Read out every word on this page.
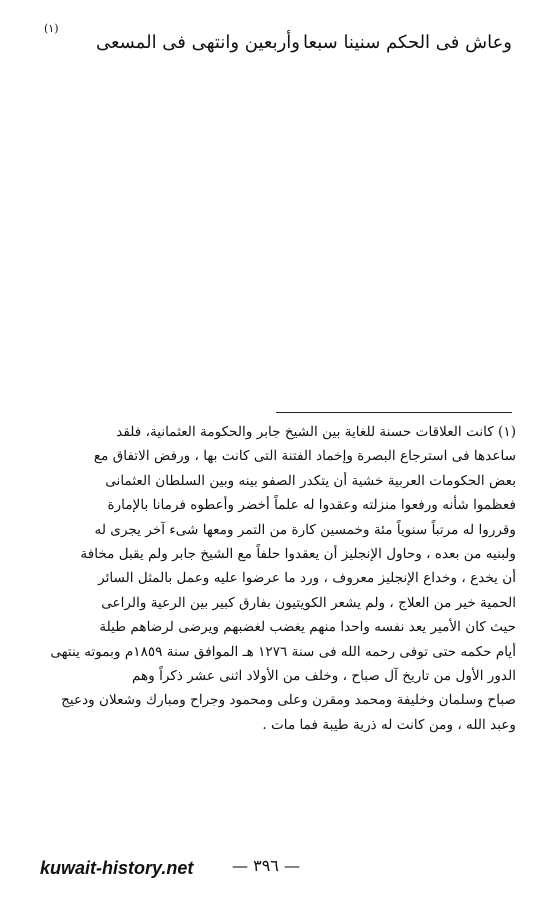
وعاش فى الحكم سنينا سبعا
وأربعين وانتهى فى المسعى
(١)
(١) كانت العلاقات حسنة للغاية بين الشيخ جابر والحكومة العثمانية، فلقد
ساعدها فى استرجاع البصرة وإخماد الفتنة التى كانت بها ، ورفض الاتفاق مع
بعض الحكومات العربية خشية أن يتكدر الصفو بينه وبين السلطان العثمانى
فعظموا شأنه ورفعوا منزلته وعقدوا له علماً أخضر وأعطوه فرمانا بالإمارة
وقرروا له مرتباً سنوياً مئة وخمسين كارة من التمر ومعها شىء آخر يجرى له
ولبنيه من بعده ، وحاول الإنجليز أن يعقدوا حلفاً مع الشيخ جابر ولم يقبل مخافة
أن يخدع ، وخداع الإنجليز معروف ، ورد ما عرضوا عليه وعمل بالمثل السائر
الحمية خير من العلاج ، ولم يشعر الكويتيون بفارق كبير بين الرعية والراعى
حيث كان الأمير يعد نفسه واحدا منهم يغضب لغضبهم ويرضى لرضاهم طيلة
أيام حكمه حتى توفى رحمه الله فى سنة ١٢٧٦ هـ الموافق سنة ١٨٥٩م وبموته ينتهى
الدور الأول من تاريخ آل صباح ، وخلف من الأولاد اثنى عشر ذكراً وهم
صباح وسلمان وخليفة ومحمد ومقرن وعلى ومحمود وجراح ومبارك وشعلان ودعيج
وعبد الله ، ومن كانت له ذرية طيبة فما مات .
kuwait-history.net — ٣٩٦ —
